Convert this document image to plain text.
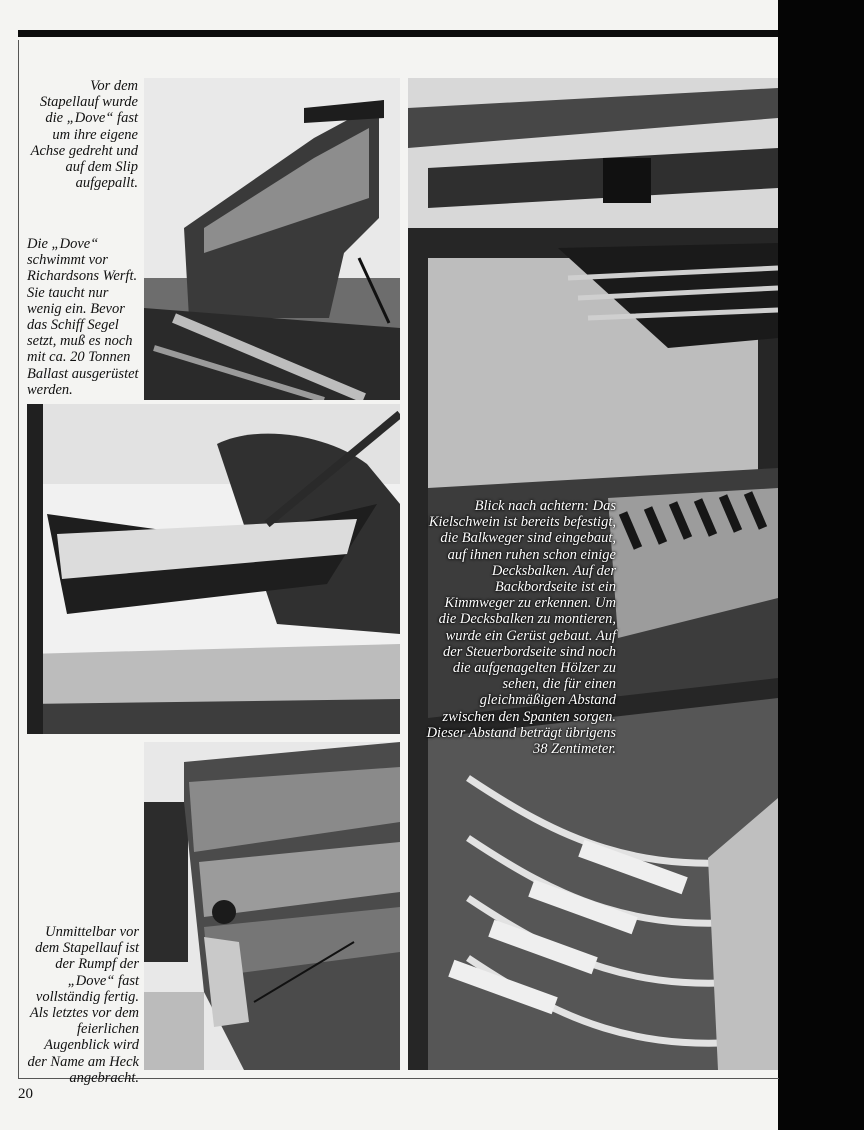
Vor dem Stapellauf wurde die „Dove“ fast um ihre eigene Achse gedreht und auf dem Slip aufgepallt.
Die „Dove“ schwimmt vor Richardsons Werft. Sie taucht nur wenig ein. Bevor das Schiff Segel setzt, muß es noch mit ca. 20 Tonnen Ballast ausgerüstet werden.
Unmittelbar vor dem Stapellauf ist der Rumpf der „Dove“ fast vollständig fertig. Als letztes vor dem feierlichen Augenblick wird der Name am Heck angebracht.
Blick nach achtern: Das Kielschwein ist bereits befestigt, die Balkweger sind eingebaut, auf ihnen ruhen schon einige Decksbalken. Auf der Backbordseite ist ein Kimmweger zu erkennen. Um die Decksbalken zu montieren, wurde ein Gerüst gebaut. Auf der Steuerbordseite sind noch die aufgenagelten Hölzer zu sehen, die für einen gleichmäßigen Abstand zwischen den Spanten sorgen. Dieser Abstand beträgt übrigens 38 Zentimeter.
20
